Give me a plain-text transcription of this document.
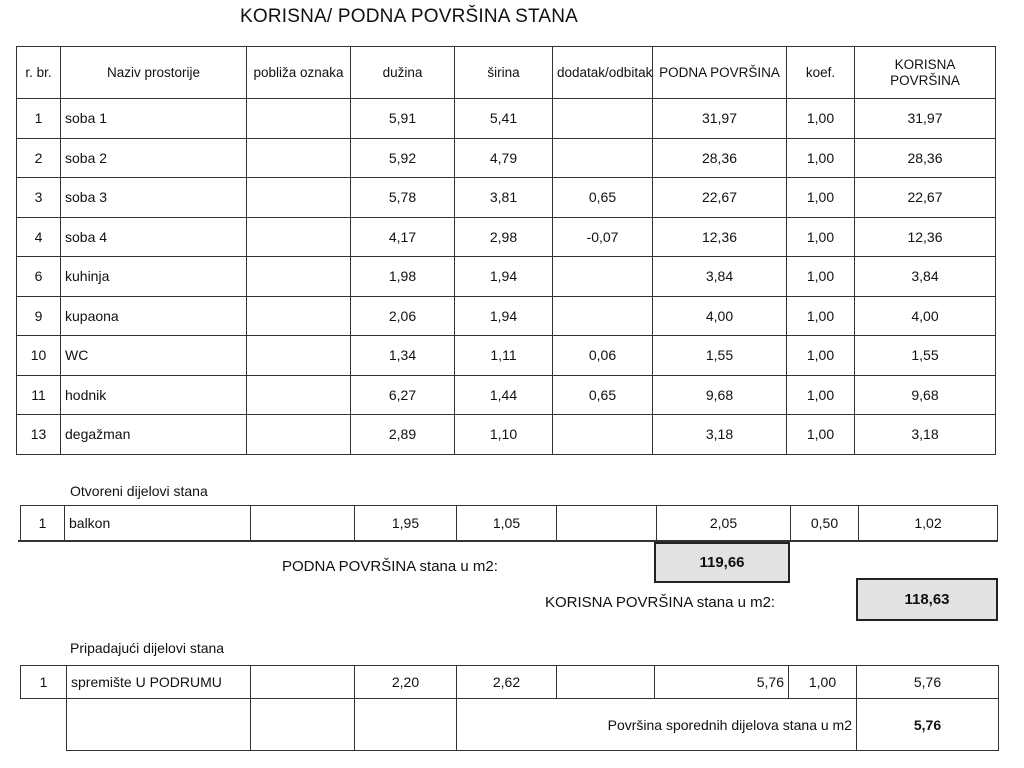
KORISNA/ PODNA POVRŠINA STANA
r. br.	Naziv prostorije	pobliža oznaka	dužina	širina	dodatak/odbitak	PODNA POVRŠINA	koef.	KORISNA POVRŠINA
1	soba 1		5,91	5,41		31,97	1,00	31,97
2	soba 2		5,92	4,79		28,36	1,00	28,36
3	soba 3		5,78	3,81	0,65	22,67	1,00	22,67
4	soba 4		4,17	2,98	-0,07	12,36	1,00	12,36
6	kuhinja		1,98	1,94		3,84	1,00	3,84
9	kupaona		2,06	1,94		4,00	1,00	4,00
10	WC		1,34	1,11	0,06	1,55	1,00	1,55
11	hodnik		6,27	1,44	0,65	9,68	1,00	9,68
13	degažman		2,89	1,10		3,18	1,00	3,18
Otvoreni dijelovi stana
1	balkon		1,95	1,05		2,05	0,50	1,02
PODNA POVRŠINA stana u m2:	119,66
KORISNA POVRŠINA stana u m2:	118,63
Pripadajući dijelovi stana
1	spremište U PODRUMU		2,20	2,62		5,76	1,00	5,76
				Površina sporednih dijelova stana u m2				5,76
